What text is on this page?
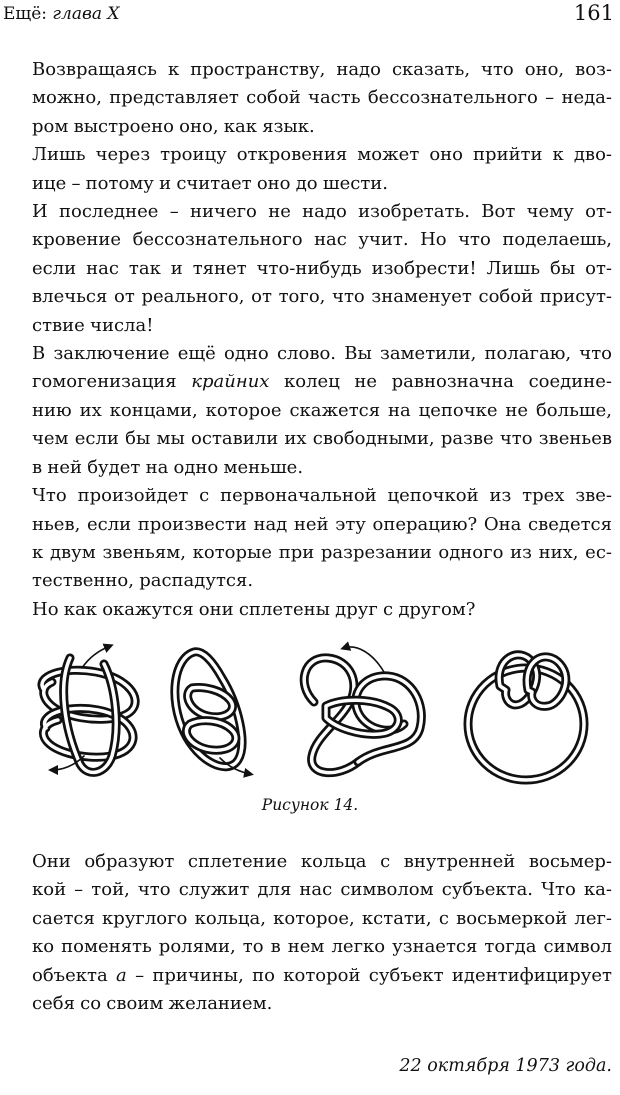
Ещё: глава X	161

Возвращаясь к пространству, надо сказать, что оно, воз-
можно, представляет собой часть бессознательного – неда-
ром выстроено оно, как язык.

Лишь через троицу откровения может оно прийти к дво-
ице – потому и считает оно до шести.

И последнее – ничего не надо изобретать. Вот чему от-
кровение бессознательного нас учит. Но что поделаешь,
если нас так и тянет что-нибудь изобрести! Лишь бы от-
влечься от реального, от того, что знаменует собой присут-
ствие числа!

В заключение ещё одно слово. Вы заметили, полагаю, что
гомогенизация крайних колец не равнозначна соедине-
нию их концами, которое скажется на цепочке не больше,
чем если бы мы оставили их свободными, разве что звеньев
в ней будет на одно меньше.

Что произойдет с первоначальной цепочкой из трех зве-
ньев, если произвести над ней эту операцию? Она сведется
к двум звеньям, которые при разрезании одного из них, ес-
тественно, распадутся.

Но как окажутся они сплетены друг с другом?

Рисунок 14.

Они образуют сплетение кольца с внутренней восьмер-
кой – той, что служит для нас символом субъекта. Что ка-
сается круглого кольца, которое, кстати, с восьмеркой лег-
ко поменять ролями, то в нем легко узнается тогда символ
объекта a – причины, по которой субъект идентифицирует
себя со своим желанием.

22 октября 1973 года.
